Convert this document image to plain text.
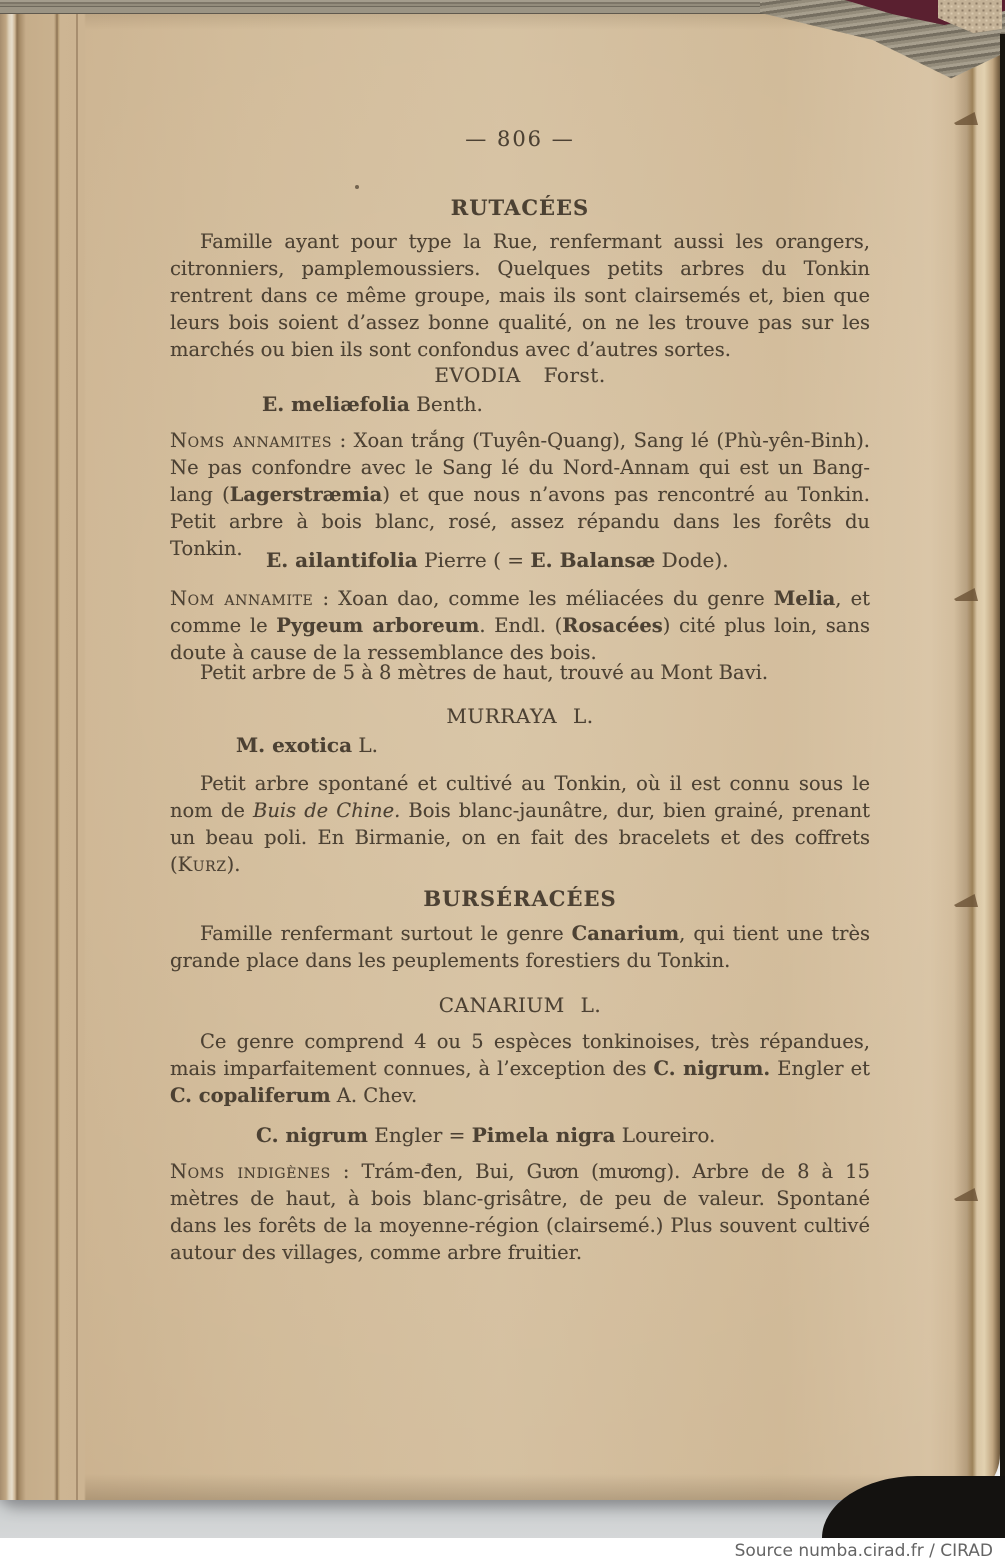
— 806 —
RUTACÉES
Famille ayant pour type la Rue, renfermant aussi les orangers, citronniers, pamplemoussiers. Quelques petits arbres du Tonkin rentrent dans ce même groupe, mais ils sont clairsemés et, bien que leurs bois soient d’assez bonne qualité, on ne les trouve pas sur les marchés ou bien ils sont confondus avec d’autres sortes.
EVODIA Forst.
E. meliæfolia Benth.
Noms annamites : Xoan trắng (Tuyên-Quang), Sang lé (Phù-yên-Binh). Ne pas confondre avec le Sang lé du Nord-Annam qui est un Bang-lang (Lagerstræmia) et que nous n’avons pas rencontré au Tonkin. Petit arbre à bois blanc, rosé, assez répandu dans les forêts du Tonkin.	E. ailantifolia Pierre ( = E. Balansæ Dode).
Nom annamite : Xoan dao, comme les méliacées du genre Melia, et comme le Pygeum arboreum. Endl. (Rosacées) cité plus loin, sans doute à cause de la ressemblance des bois.
Petit arbre de 5 à 8 mètres de haut, trouvé au Mont Bavi.
MURRAYA L.
M. exotica L.
Petit arbre spontané et cultivé au Tonkin, où il est connu sous le nom de Buis de Chine. Bois blanc-jaunâtre, dur, bien grainé, prenant un beau poli. En Birmanie, on en fait des bracelets et des coffrets (Kurz).
BURSÉRACÉES
Famille renfermant surtout le genre Canarium, qui tient une très grande place dans les peuplements forestiers du Tonkin.
CANARIUM L.
Ce genre comprend 4 ou 5 espèces tonkinoises, très répandues, mais imparfaitement connues, à l’exception des C. nigrum. Engler et C. copaliferum A. Chev.
C. nigrum Engler = Pimela nigra Loureiro.
Noms indigènes : Trám-đen, Bui, Gươn (mương). Arbre de 8 à 15 mètres de haut, à bois blanc-grisâtre, de peu de valeur. Spontané dans les forêts de la moyenne-région (clairsemé.) Plus souvent cultivé autour des villages, comme arbre fruitier.
Source numba.cirad.fr / CIRAD
